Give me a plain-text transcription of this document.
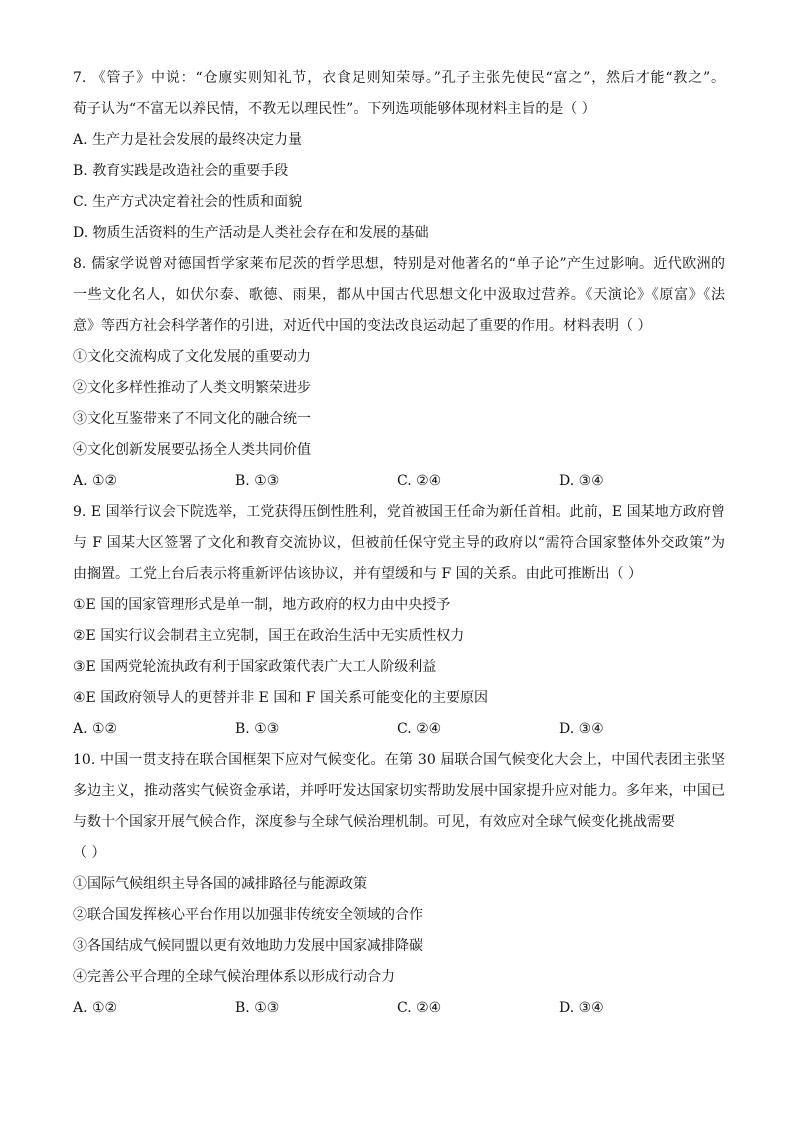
7. 《管子》中说：“仓廪实则知礼节，衣食足则知荣辱。”孔子主张先使民“富之”，然后才能“教之”。
荀子认为“不富无以养民情，不教无以理民性”。下列选项能够体现材料主旨的是（ ）
A. 生产力是社会发展的最终决定力量
B. 教育实践是改造社会的重要手段
C. 生产方式决定着社会的性质和面貌
D. 物质生活资料的生产活动是人类社会存在和发展的基础
8. 儒家学说曾对德国哲学家莱布尼茨的哲学思想，特别是对他著名的“单子论”产生过影响。近代欧洲的
一些文化名人，如伏尔泰、歌德、雨果，都从中国古代思想文化中汲取过营养。《天演论》《原富》《法
意》等西方社会科学著作的引进，对近代中国的变法改良运动起了重要的作用。材料表明（ ）
①文化交流构成了文化发展的重要动力
②文化多样性推动了人类文明繁荣进步
③文化互鉴带来了不同文化的融合统一
④文化创新发展要弘扬全人类共同价值
A. ①②	B. ①③	C. ②④	D. ③④
9. E 国举行议会下院选举，工党获得压倒性胜利，党首被国王任命为新任首相。此前，E 国某地方政府曾
与 F 国某大区签署了文化和教育交流协议，但被前任保守党主导的政府以“需符合国家整体外交政策”为
由搁置。工党上台后表示将重新评估该协议，并有望缓和与 F 国的关系。由此可推断出（ ）
①E 国的国家管理形式是单一制，地方政府的权力由中央授予
②E 国实行议会制君主立宪制，国王在政治生活中无实质性权力
③E 国两党轮流执政有利于国家政策代表广大工人阶级利益
④E 国政府领导人的更替并非 E 国和 F 国关系可能变化的主要原因
A. ①②	B. ①③	C. ②④	D. ③④
10. 中国一贯支持在联合国框架下应对气候变化。在第 30 届联合国气候变化大会上，中国代表团主张坚
多边主义，推动落实气候资金承诺，并呼吁发达国家切实帮助发展中国家提升应对能力。多年来，中国已
与数十个国家开展气候合作，深度参与全球气候治理机制。可见，有效应对全球气候变化挑战需要
（ ）
①国际气候组织主导各国的减排路径与能源政策
②联合国发挥核心平台作用以加强非传统安全领域的合作
③各国结成气候同盟以更有效地助力发展中国家减排降碳
④完善公平合理的全球气候治理体系以形成行动合力
A. ①②	B. ①③	C. ②④	D. ③④
